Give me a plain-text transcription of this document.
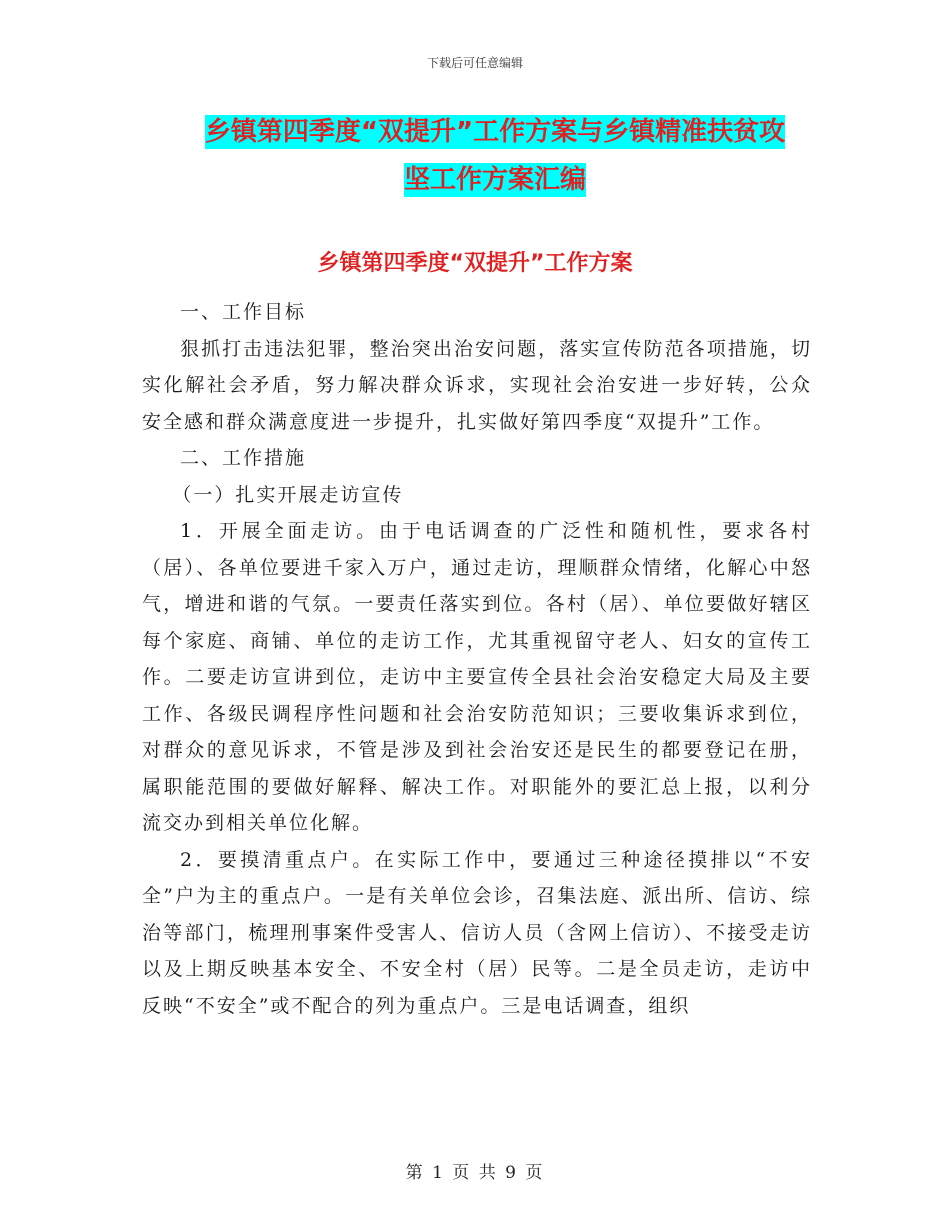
下载后可任意编辑
乡镇第四季度“双提升”工作方案与乡镇精准扶贫攻
坚工作方案汇编
乡镇第四季度“双提升”工作方案

一、工作目标

狠抓打击违法犯罪，整治突出治安问题，落实宣传防范各项措施，切实化解社会矛盾，努力解决群众诉求，实现社会治安进一步好转，公众安全感和群众满意度进一步提升，扎实做好第四季度“双提升”工作。

二、工作措施

（一）扎实开展走访宣传

1．开展全面走访。由于电话调查的广泛性和随机性，要求各村（居）、各单位要进千家入万户，通过走访，理顺群众情绪，化解心中怒气，增进和谐的气氛。一要责任落实到位。各村（居）、单位要做好辖区每个家庭、商铺、单位的走访工作，尤其重视留守老人、妇女的宣传工作。二要走访宣讲到位，走访中主要宣传全县社会治安稳定大局及主要工作、各级民调程序性问题和社会治安防范知识；三要收集诉求到位，对群众的意见诉求，不管是涉及到社会治安还是民生的都要登记在册，属职能范围的要做好解释、解决工作。对职能外的要汇总上报，以利分流交办到相关单位化解。

2．要摸清重点户。在实际工作中，要通过三种途径摸排以“不安全”户为主的重点户。一是有关单位会诊，召集法庭、派出所、信访、综治等部门，梳理刑事案件受害人、信访人员（含网上信访）、不接受走访以及上期反映基本安全、不安全村（居）民等。二是全员走访，走访中反映“不安全”或不配合的列为重点户。三是电话调查，组织

第 1 页 共 9 页
